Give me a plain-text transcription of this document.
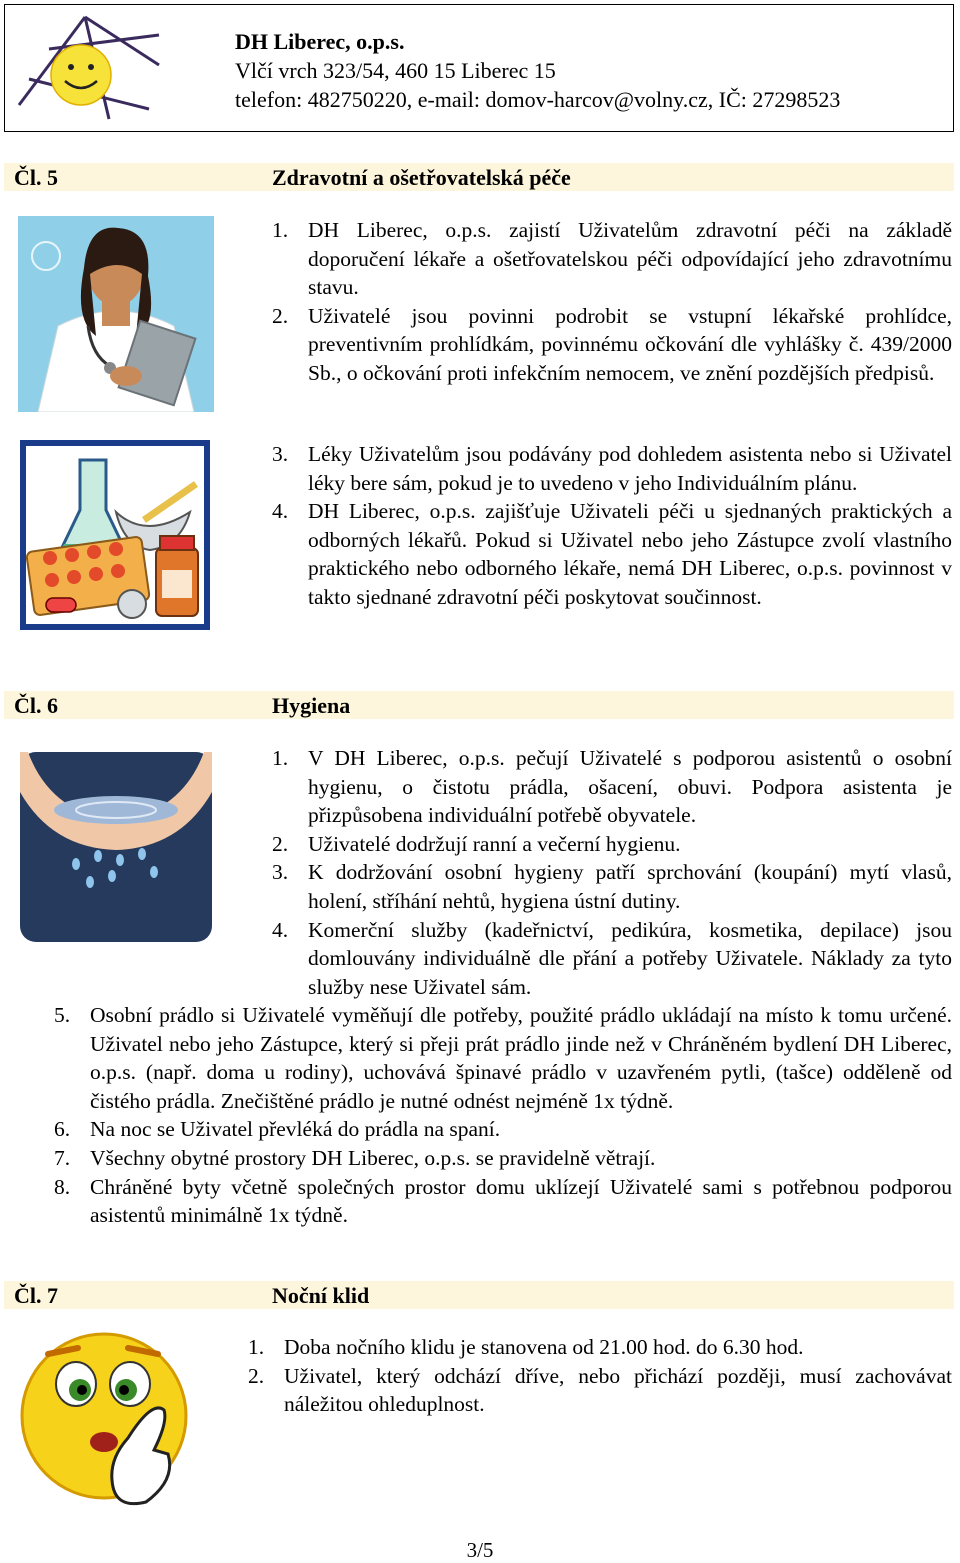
DH Liberec, o.p.s.
Vlčí vrch 323/54, 460 15 Liberec 15
telefon: 482750220, e-mail: domov-harcov@volny.cz, IČ: 27298523
Čl. 5	Zdravotní a ošetřovatelská péče
1. DH Liberec, o.p.s. zajistí Uživatelům zdravotní péči na základě doporučení lékaře a ošetřovatelskou péči odpovídající jeho zdravotnímu stavu.
2. Uživatelé jsou povinni podrobit se vstupní lékařské prohlídce, preventivním prohlídkám, povinnému očkování dle vyhlášky č. 439/2000 Sb., o očkování proti infekčním nemocem, ve znění pozdějších předpisů.
3. Léky Uživatelům jsou podávány pod dohledem asistenta nebo si Uživatel léky bere sám, pokud je to uvedeno v jeho Individuálním plánu.
4. DH Liberec, o.p.s. zajišťuje Uživateli péči u sjednaných praktických a odborných lékařů. Pokud si Uživatel nebo jeho Zástupce zvolí vlastního praktického nebo odborného lékaře, nemá DH Liberec, o.p.s. povinnost v takto sjednané zdravotní péči poskytovat součinnost.
Čl. 6	Hygiena
1. V DH Liberec, o.p.s. pečují Uživatelé s podporou asistentů o osobní hygienu, o čistotu prádla, ošacení, obuvi. Podpora asistenta je přizpůsobena individuální potřebě obyvatele.
2. Uživatelé dodržují ranní a večerní hygienu.
3. K dodržování osobní hygieny patří sprchování (koupání) mytí vlasů, holení, stříhání nehtů, hygiena ústní dutiny.
4. Komerční služby (kadeřnictví, pedikúra, kosmetika, depilace) jsou domlouvány individuálně dle přání a potřeby Uživatele. Náklady za tyto služby nese Uživatel sám.
5. Osobní prádlo si Uživatelé vyměňují dle potřeby, použité prádlo ukládají na místo k tomu určené. Uživatel nebo jeho Zástupce, který si přeji prát prádlo jinde než v Chráněném bydlení DH Liberec, o.p.s. (např. doma u rodiny), uchovává špinavé prádlo v uzavřeném pytli, (tašce) odděleně od čistého prádla. Znečištěné prádlo je nutné odnést nejméně 1x týdně.
6. Na noc se Uživatel převléká do prádla na spaní.
7. Všechny obytné prostory DH Liberec, o.p.s. se pravidelně větrají.
8. Chráněné byty včetně společných prostor domu uklízejí Uživatelé sami s potřebnou podporou asistentů minimálně 1x týdně.
Čl. 7	Noční klid
1. Doba nočního klidu je stanovena od 21.00 hod. do 6.30 hod.
2. Uživatel, který odchází dříve, nebo přichází později, musí zachovávat náležitou ohleduplnost.
3/5
